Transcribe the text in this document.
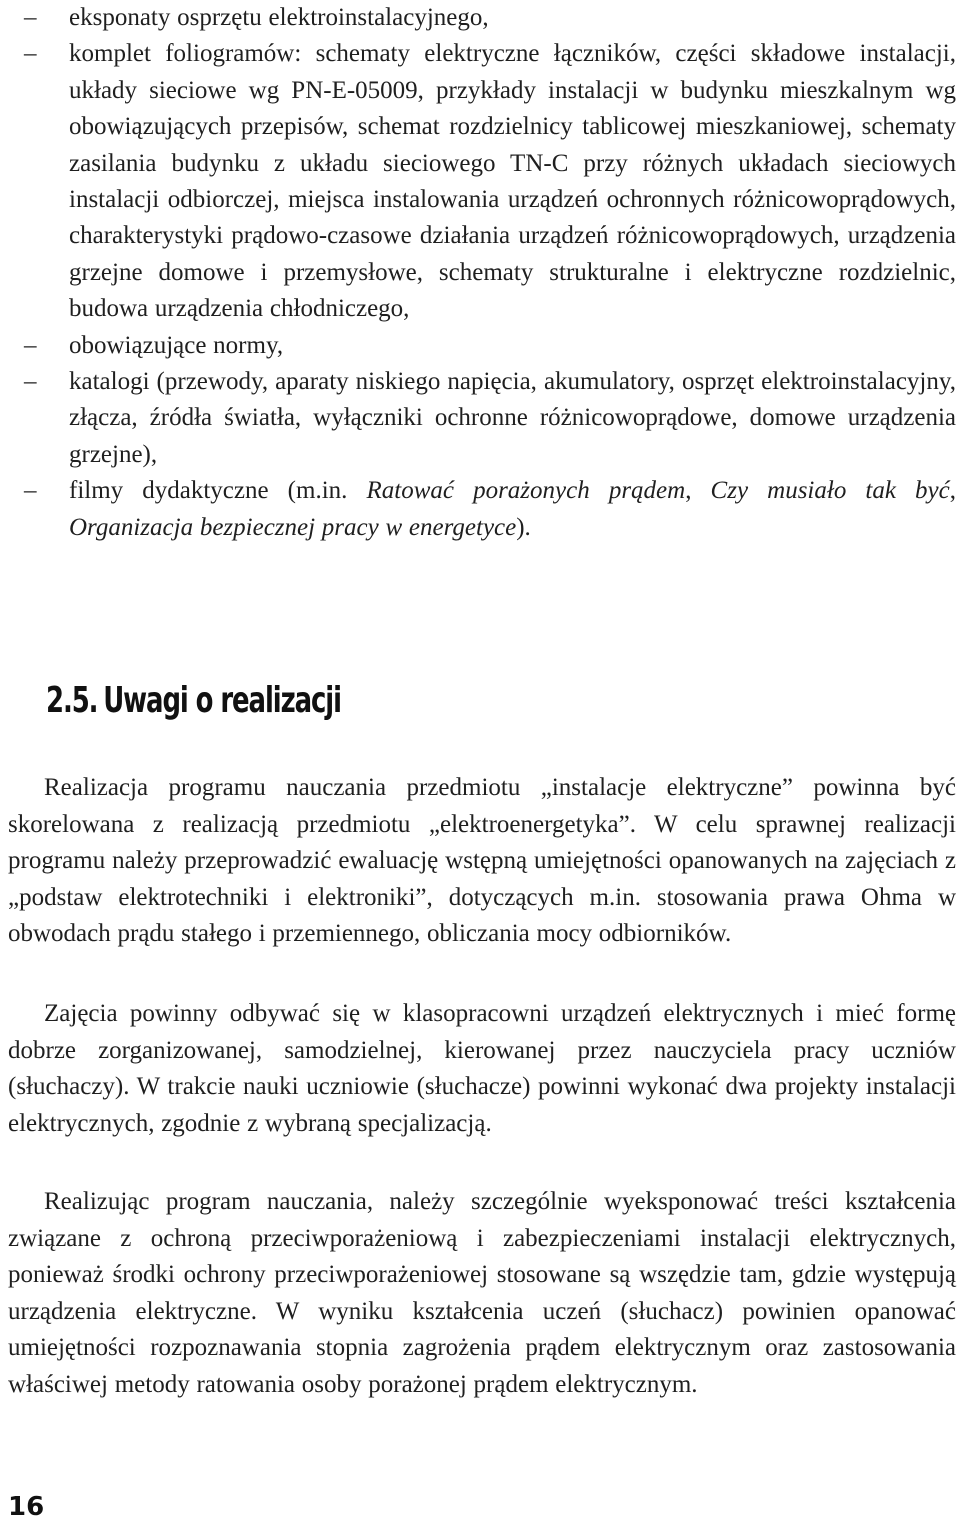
– eksponaty osprzętu elektroinstalacyjnego,
– komplet foliogramów: schematy elektryczne łączników, części składowe instalacji, układy sieciowe wg PN-E-05009, przykłady instalacji w budynku mieszkalnym wg obowiązujących przepisów, schemat rozdzielnicy tablicowej mieszkaniowej, schematy zasilania budynku z układu sieciowego TN-C przy różnych układach sieciowych instalacji odbiorczej, miejsca instalowania urządzeń ochronnych różnicowoprądowych, charakterystyki prądowo-czasowe działania urządzeń różnicowoprądowych, urządzenia grzejne domowe i przemysłowe, schematy strukturalne i elektryczne rozdzielnic, budowa urządzenia chłodniczego,
– obowiązujące normy,
– katalogi (przewody, aparaty niskiego napięcia, akumulatory, osprzęt elektroinstalacyjny, złącza, źródła światła, wyłączniki ochronne różnicowoprądowe, domowe urządzenia grzejne),
– filmy dydaktyczne (m.in. Ratować porażonych prądem, Czy musiało tak być, Organizacja bezpiecznej pracy w energetyce).
2.5. Uwagi o realizacji

Realizacja programu nauczania przedmiotu „instalacje elektryczne” powinna być skorelowana z realizacją przedmiotu „elektroenergetyka”. W celu sprawnej realizacji programu należy przeprowadzić ewaluację wstępną umiejętności opanowanych na zajęciach z „podstaw elektrotechniki i elektroniki”, dotyczących m.in. stosowania prawa Ohma w obwodach prądu stałego i przemiennego, obliczania mocy odbiorników.

Zajęcia powinny odbywać się w klasopracowni urządzeń elektrycznych i mieć formę dobrze zorganizowanej, samodzielnej, kierowanej przez nauczyciela pracy uczniów (słuchaczy). W trakcie nauki uczniowie (słuchacze) powinni wykonać dwa projekty instalacji elektrycznych, zgodnie z wybraną specjalizacją.

Realizując program nauczania, należy szczególnie wyeksponować treści kształcenia związane z ochroną przeciwporażeniową i zabezpieczeniami instalacji elektrycznych, ponieważ środki ochrony przeciwporażeniowej stosowane są wszędzie tam, gdzie występują urządzenia elektryczne. W wyniku kształcenia uczeń (słuchacz) powinien opanować umiejętności rozpoznawania stopnia zagrożenia prądem elektrycznym oraz zastosowania właściwej metody ratowania osoby porażonej prądem elektrycznym.

16
